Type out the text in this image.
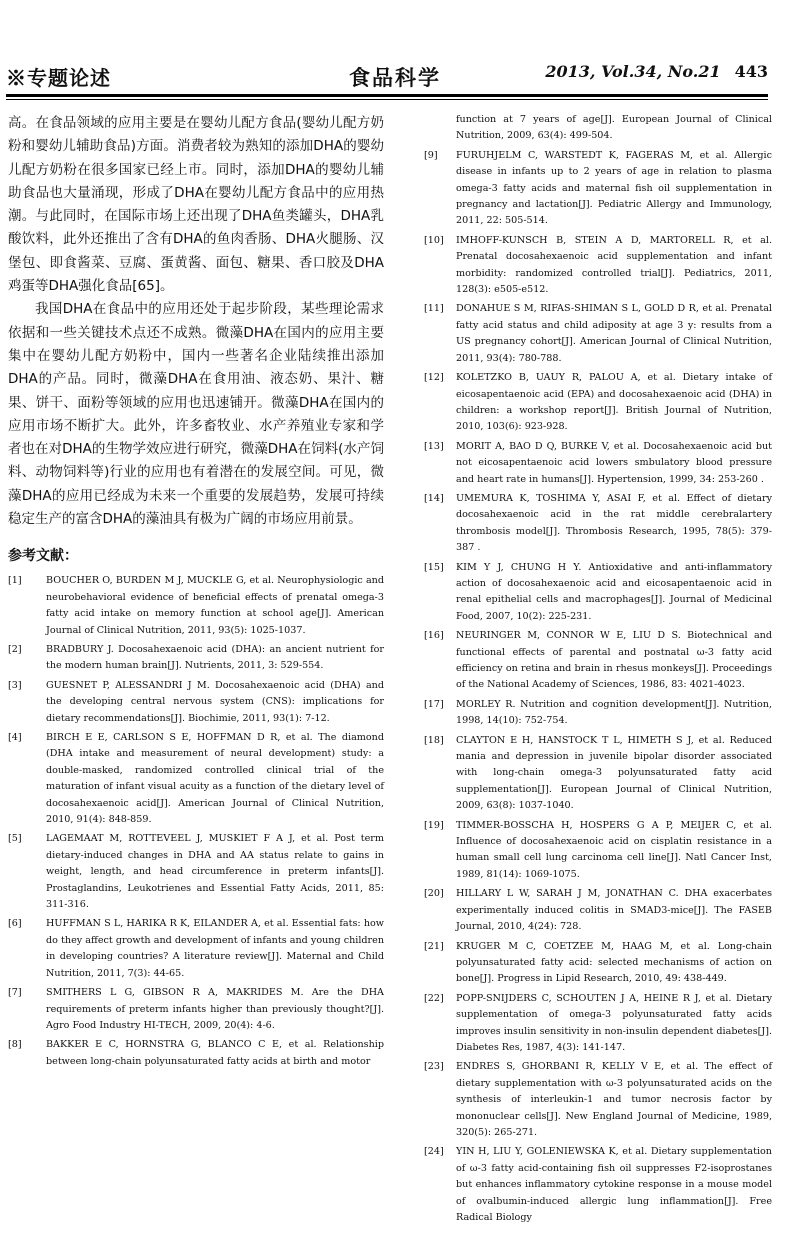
※专题论述	食品科学	2013, Vol.34, No.21 443

高。在食品领域的应用主要是在婴幼儿配方食品(婴幼儿配方奶粉和婴幼儿辅助食品)方面。消费者较为熟知的添加DHA的婴幼儿配方奶粉在很多国家已经上市。同时，添加DHA的婴幼儿辅助食品也大量涌现，形成了DHA在婴幼儿配方食品中的应用热潮。与此同时，在国际市场上还出现了DHA鱼类罐头，DHA乳酸饮料，此外还推出了含有DHA的鱼肉香肠、DHA火腿肠、汉堡包、即食酱菜、豆腐、蛋黄酱、面包、糖果、香口胶及DHA鸡蛋等DHA强化食品[65]。

我国DHA在食品中的应用还处于起步阶段，某些理论需求依据和一些关键技术点还不成熟。微藻DHA在国内的应用主要集中在婴幼儿配方奶粉中，国内一些著名企业陆续推出添加DHA的产品。同时，微藻DHA在食用油、液态奶、果汁、糖果、饼干、面粉等领域的应用也迅速铺开。微藻DHA在国内的应用市场不断扩大。此外，许多畜牧业、水产养殖业专家和学者也在对DHA的生物学效应进行研究，微藻DHA在饲料(水产饲料、动物饲料等)行业的应用也有着潜在的发展空间。可见，微藻DHA的应用已经成为未来一个重要的发展趋势，发展可持续稳定生产的富含DHA的藻油具有极为广阔的市场应用前景。

参考文献：
[1]	BOUCHER O, BURDEN M J, MUCKLE G, et al. Neurophysiologic and neurobehavioral evidence of beneficial effects of prenatal omega-3 fatty acid intake on memory function at school age[J]. American Journal of Clinical Nutrition, 2011, 93(5): 1025-1037.
[2]	BRADBURY J. Docosahexaenoic acid (DHA): an ancient nutrient for the modern human brain[J]. Nutrients, 2011, 3: 529-554.
[3]	GUESNET P, ALESSANDRI J M. Docosahexaenoic acid (DHA) and the developing central nervous system (CNS): implications for dietary recommendations[J]. Biochimie, 2011, 93(1): 7-12.
[4]	BIRCH E E, CARLSON S E, HOFFMAN D R, et al. The diamond (DHA intake and measurement of neural development) study: a double-masked, randomized controlled clinical trial of the maturation of infant visual acuity as a function of the dietary level of docosahexaenoic acid[J]. American Journal of Clinical Nutrition, 2010, 91(4): 848-859.
[5]	LAGEMAAT M, ROTTEVEEL J, MUSKIET F A J, et al. Post term dietary-induced changes in DHA and AA status relate to gains in weight, length, and head circumference in preterm infants[J]. Prostaglandins, Leukotrienes and Essential Fatty Acids, 2011, 85: 311-316.
[6]	HUFFMAN S L, HARIKA R K, EILANDER A, et al. Essential fats: how do they affect growth and development of infants and young children in developing countries? A literature review[J]. Maternal and Child Nutrition, 2011, 7(3): 44-65.
[7]	SMITHERS L G, GIBSON R A, MAKRIDES M. Are the DHA requirements of preterm infants higher than previously thought?[J]. Agro Food Industry HI-TECH, 2009, 20(4): 4-6.
[8]	BAKKER E C, HORNSTRA G, BLANCO C E, et al. Relationship between long-chain polyunsaturated fatty acids at birth and motor
function at 7 years of age[J]. European Journal of Clinical Nutrition, 2009, 63(4): 499-504.
[9] FURUHJELM C, WARSTEDT K, FAGERAS M, et al. Allergic disease in infants up to 2 years of age in relation to plasma omega-3 fatty acids and maternal fish oil supplementation in pregnancy and lactation[J]. Pediatric Allergy and Immunology, 2011, 22: 505-514.
[10] IMHOFF-KUNSCH B, STEIN A D, MARTORELL R, et al. Prenatal docosahexaenoic acid supplementation and infant morbidity: randomized controlled trial[J]. Pediatrics, 2011, 128(3): e505-e512.
[11] DONAHUE S M, RIFAS-SHIMAN S L, GOLD D R, et al. Prenatal fatty acid status and child adiposity at age 3 y: results from a US pregnancy cohort[J]. American Journal of Clinical Nutrition, 2011, 93(4): 780-788.
[12] KOLETZKO B, UAUY R, PALOU A, et al. Dietary intake of eicosapentaenoic acid (EPA) and docosahexaenoic acid (DHA) in children: a workshop report[J]. British Journal of Nutrition, 2010, 103(6): 923-928.
[13] MORIT A, BAO D Q, BURKE V, et al. Docosahexaenoic acid but not eicosapentaenoic acid lowers smbulatory blood pressure and heart rate in humans[J]. Hypertension, 1999, 34: 253-260 .
[14] UMEMURA K, TOSHIMA Y, ASAI F, et al. Effect of dietary docosahexaenoic acid in the rat middle cerebralartery thrombosis model[J]. Thrombosis Research, 1995, 78(5): 379-387 .
[15] KIM Y J, CHUNG H Y. Antioxidative and anti-inflammatory action of docosahexaenoic acid and eicosapentaenoic acid in renal epithelial cells and macrophages[J]. Journal of Medicinal Food, 2007, 10(2): 225-231.
[16] NEURINGER M, CONNOR W E, LIU D S. Biotechnical and functional effects of parental and postnatal ω-3 fatty acid efficiency on retina and brain in rhesus monkeys[J]. Proceedings of the National Academy of Sciences, 1986, 83: 4021-4023.
[17] MORLEY R. Nutrition and cognition development[J]. Nutrition, 1998, 14(10): 752-754.
[18] CLAYTON E H, HANSTOCK T L, HIMETH S J, et al. Reduced mania and depression in juvenile bipolar disorder associated with long-chain omega-3 polyunsaturated fatty acid supplementation[J]. European Journal of Clinical Nutrition, 2009, 63(8): 1037-1040.
[19] TIMMER-BOSSCHA H, HOSPERS G A P, MEIJER C, et al. Influence of docosahexaenoic acid on cisplatin resistance in a human small cell lung carcinoma cell line[J]. Natl Cancer Inst, 1989, 81(14): 1069-1075.
[20] HILLARY L W, SARAH J M, JONATHAN C. DHA exacerbates experimentally induced colitis in SMAD3-mice[J]. The FASEB Journal, 2010, 4(24): 728.
[21] KRUGER M C, COETZEE M, HAAG M, et al. Long-chain polyunsaturated fatty acid: selected mechanisms of action on bone[J]. Progress in Lipid Research, 2010, 49: 438-449.
[22] POPP-SNIJDERS C, SCHOUTEN J A, HEINE R J, et al. Dietary supplementation of omega-3 polyunsaturated fatty acids improves insulin sensitivity in non-insulin dependent diabetes[J]. Diabetes Res, 1987, 4(3): 141-147.
[23] ENDRES S, GHORBANI R, KELLY V E, et al. The effect of dietary supplementation with ω-3 polyunsaturated acids on the synthesis of interleukin-1 and tumor necrosis factor by mononuclear cells[J]. New England Journal of Medicine, 1989, 320(5): 265-271.
[24] YIN H, LIU Y, GOLENIEWSKA K, et al. Dietary supplementation of ω-3 fatty acid-containing fish oil suppresses F2-isoprostanes but enhances inflammatory cytokine response in a mouse model of ovalbumin-induced allergic lung inflammation[J]. Free Radical Biology
